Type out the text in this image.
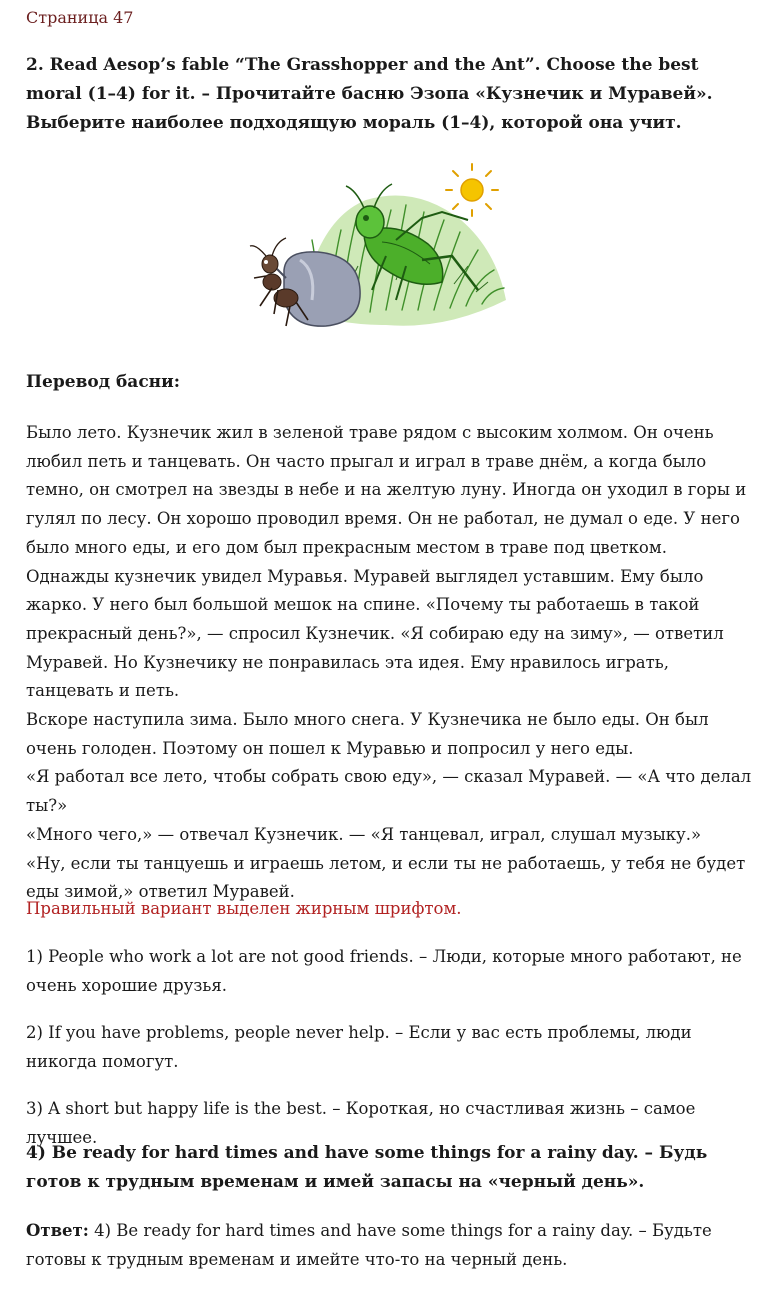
Страница 47

2. Read Aesop’s fable “The Grasshopper and the Ant”. Choose the best moral (1–4) for it. – Прочитайте басню Эзопа «Кузнечик и Муравей». Выберите наиболее подходящую мораль (1–4), которой она учит.

Перевод басни:

Было лето. Кузнечик жил в зеленой траве рядом с высоким холмом. Он очень любил петь и танцевать. Он часто прыгал и играл в траве днём, а когда было темно, он смотрел на звезды в небе и на желтую луну. Иногда он уходил в горы и гулял по лесу. Он хорошо проводил время. Он не работал, не думал о еде. У него было много еды, и его дом был прекрасным местом в траве под цветком.

Однажды кузнечик увидел Муравья. Муравей выглядел уставшим. Ему было жарко. У него был большой мешок на спине. «Почему ты работаешь в такой прекрасный день?», — спросил Кузнечик. «Я собираю еду на зиму», — ответил Муравей. Но Кузнечику не понравилась эта идея. Ему нравилось играть, танцевать и петь.

Вскоре наступила зима. Было много снега. У Кузнечика не было еды. Он был очень голоден. Поэтому он пошел к Муравью и попросил у него еды.

«Я работал все лето, чтобы собрать свою еду», — сказал Муравей. — «А что делал ты?»

«Много чего,» — отвечал Кузнечик. — «Я танцевал, играл, слушал музыку.»

«Ну, если ты танцуешь и играешь летом, и если ты не работаешь, у тебя не будет еды зимой,» ответил Муравей.

Правильный вариант выделен жирным шрифтом.

1) People who work a lot are not good friends. – Люди, которые много работают, не очень хорошие друзья.

2) If you have problems, people never help. – Если у вас есть проблемы, люди никогда помогут.

3) A short but happy life is the best. – Короткая, но счастливая жизнь – самое лучшее.

4) Be ready for hard times and have some things for a rainy day. – Будь готов к трудным временам и имей запасы на «черный день».

Ответ: 4) Be ready for hard times and have some things for a rainy day. – Будьте готовы к трудным временам и имейте что-то на черный день.
